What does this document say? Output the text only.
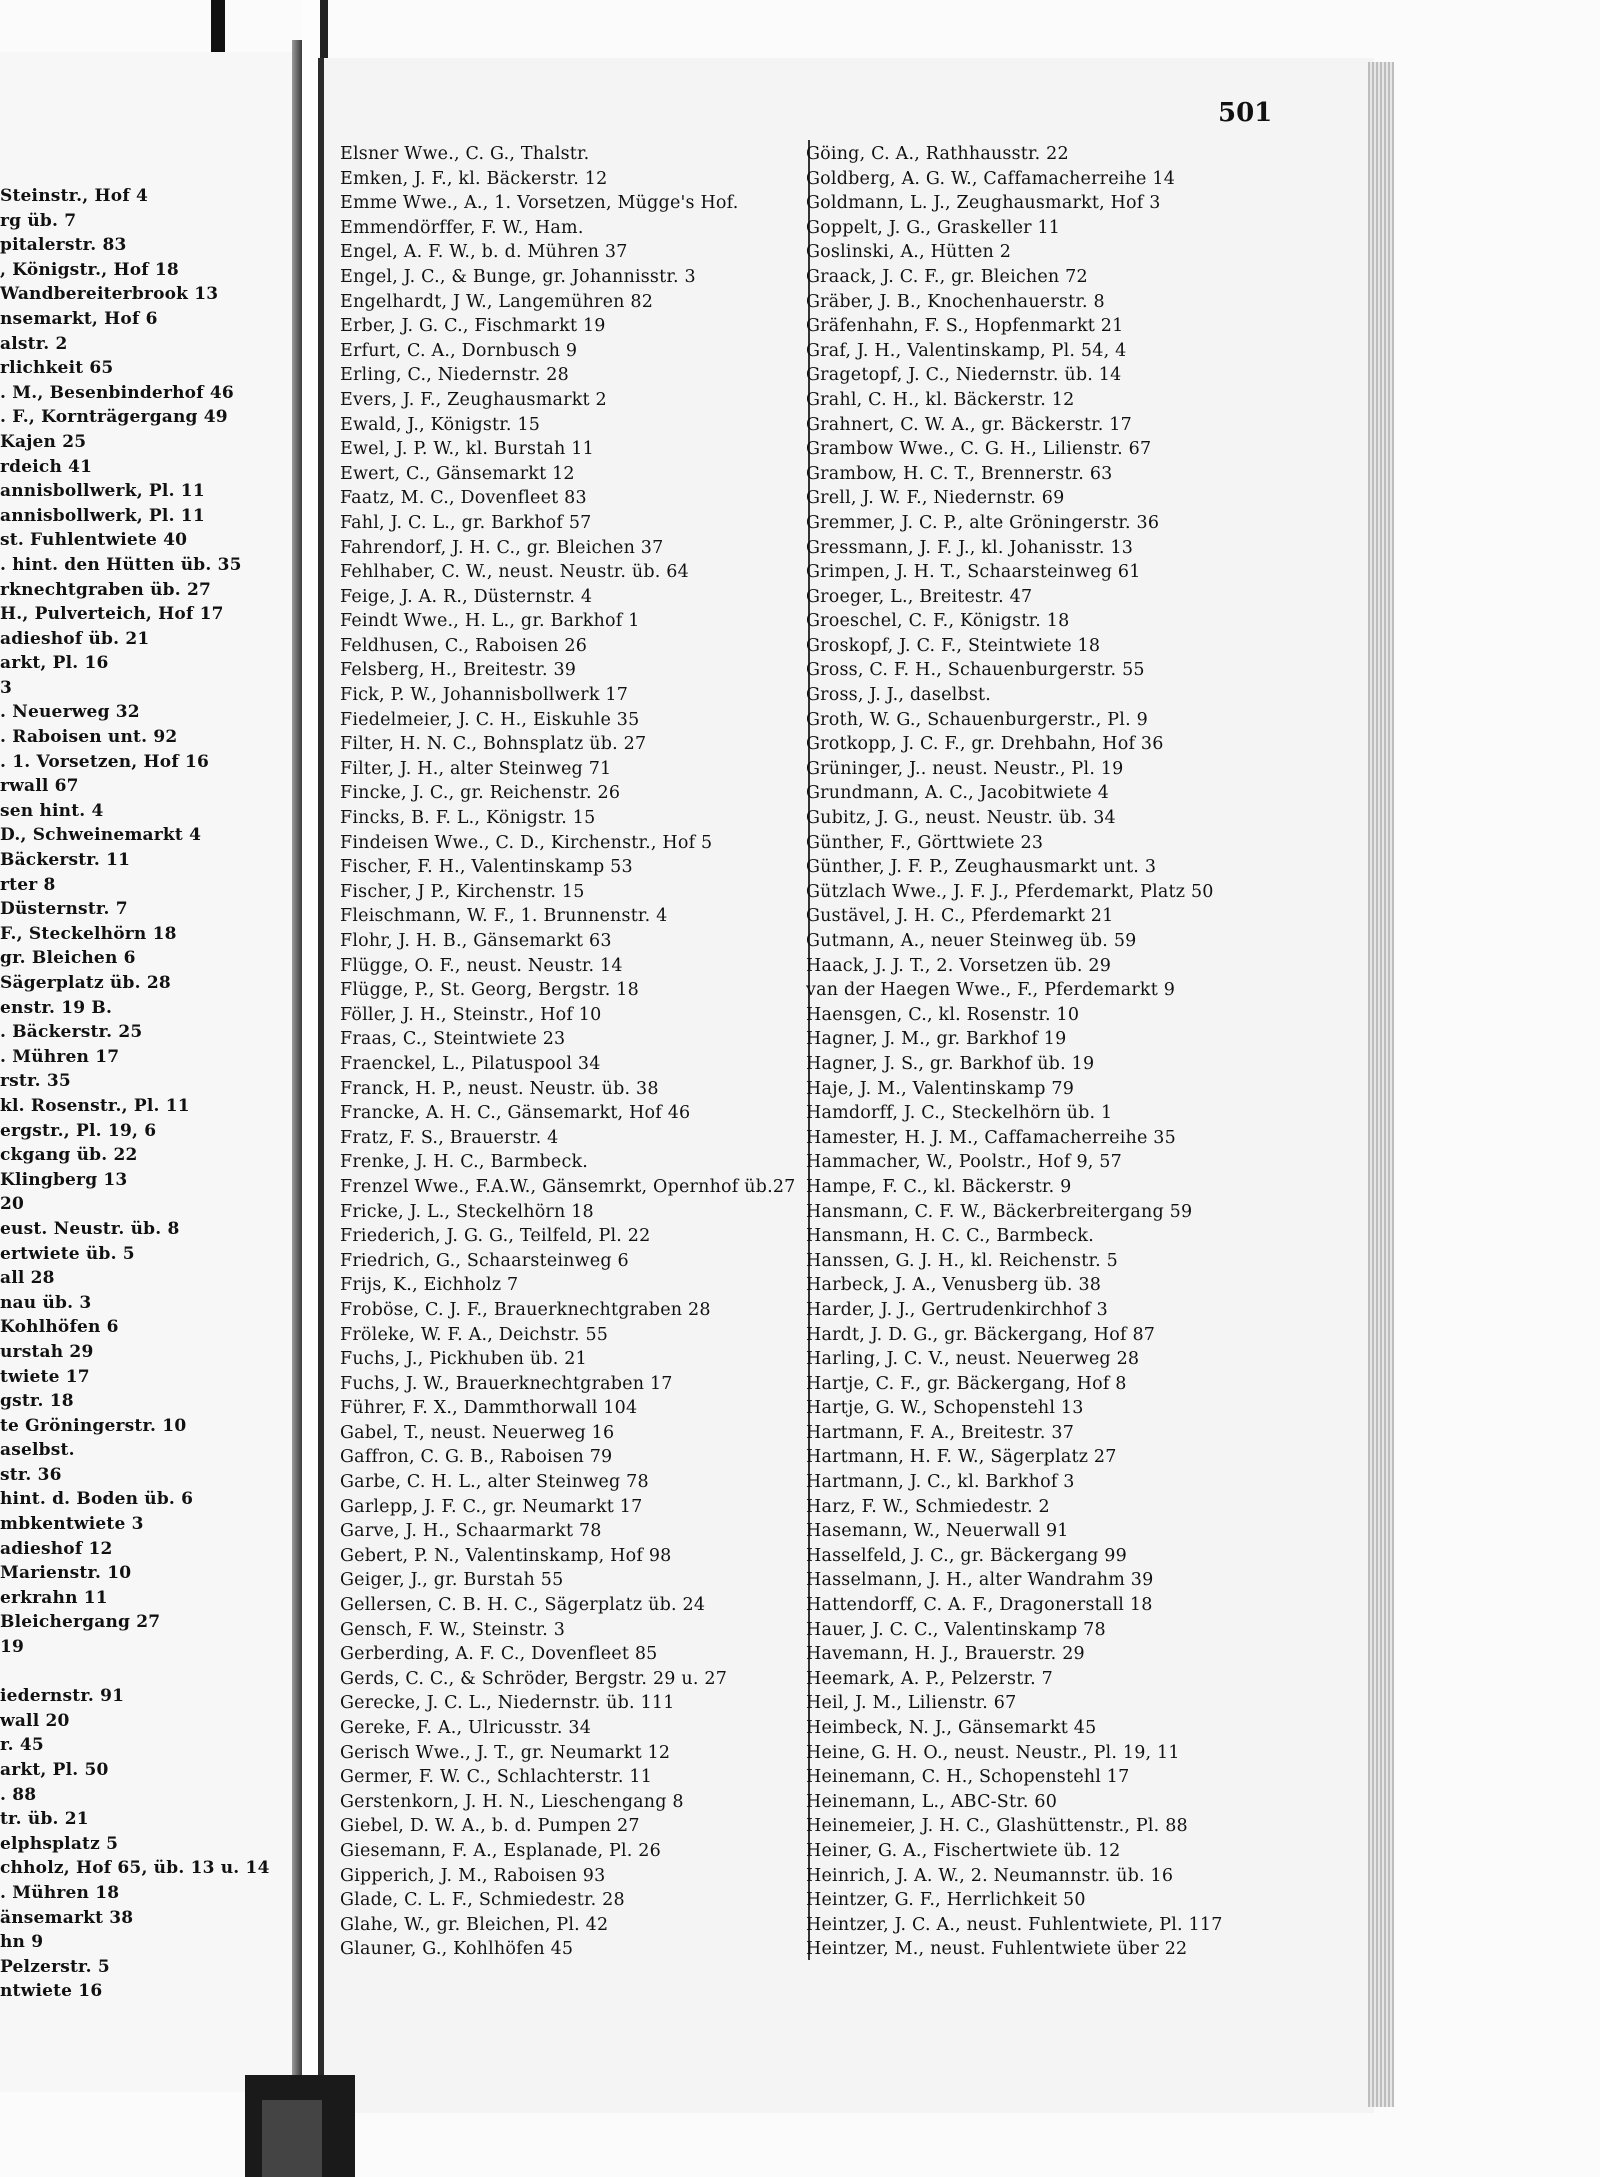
Steinstr., Hof 4
rg üb. 7
pitalerstr. 83
, Königstr., Hof 18
Wandbereiterbrook 13
nsemarkt, Hof 6
alstr. 2
rlichkeit 65
. M., Besenbinderhof 46
. F., Kornträgergang 49
Kajen 25
rdeich 41
annisbollwerk, Pl. 11
annisbollwerk, Pl. 11
st. Fuhlentwiete 40
. hint. den Hütten üb. 35
rknechtgraben üb. 27
H., Pulverteich, Hof 17
adieshof üb. 21
arkt, Pl. 16
3
. Neuerweg 32
. Raboisen unt. 92
. 1. Vorsetzen, Hof 16
rwall 67
sen hint. 4
D., Schweinemarkt 4
Bäckerstr. 11
rter 8
Düsternstr. 7
F., Steckelhörn 18
gr. Bleichen 6
Sägerplatz üb. 28
enstr. 19 B.
. Bäckerstr. 25
. Mühren 17
rstr. 35
kl. Rosenstr., Pl. 11
ergstr., Pl. 19, 6
ckgang üb. 22
Klingberg 13
20
eust. Neustr. üb. 8
ertwiete üb. 5
all 28
nau üb. 3
Kohlhöfen 6
urstah 29
twiete 17
gstr. 18
te Gröningerstr. 10
aselbst.
str. 36
hint. d. Boden üb. 6
mbkentwiete 3
adieshof 12
Marienstr. 10
erkrahn 11
Bleichergang 27
19
iedernstr. 91
wall 20
r. 45
arkt, Pl. 50
. 88
tr. üb. 21
elphsplatz 5
chholz, Hof 65, üb. 13 u. 14
. Mühren 18
änsemarkt 38
hn 9
Pelzerstr. 5
ntwiete 16
501
Elsner Wwe., C. G., Thalstr.
Emken, J. F., kl. Bäckerstr. 12
Emme Wwe., A., 1. Vorsetzen, Mügge's Hof.
Emmendörffer, F. W., Ham.
Engel, A. F. W., b. d. Mühren 37
Engel, J. C., & Bunge, gr. Johannisstr. 3
Engelhardt, J W., Langemühren 82
Erber, J. G. C., Fischmarkt 19
Erfurt, C. A., Dornbusch 9
Erling, C., Niedernstr. 28
Evers, J. F., Zeughausmarkt 2
Ewald, J., Königstr. 15
Ewel, J. P. W., kl. Burstah 11
Ewert, C., Gänsemarkt 12
Faatz, M. C., Dovenfleet 83
Fahl, J. C. L., gr. Barkhof 57
Fahrendorf, J. H. C., gr. Bleichen 37
Fehlhaber, C. W., neust. Neustr. üb. 64
Feige, J. A. R., Düsternstr. 4
Feindt Wwe., H. L., gr. Barkhof 1
Feldhusen, C., Raboisen 26
Felsberg, H., Breitestr. 39
Fick, P. W., Johannisbollwerk 17
Fiedelmeier, J. C. H., Eiskuhle 35
Filter, H. N. C., Bohnsplatz üb. 27
Filter, J. H., alter Steinweg 71
Fincke, J. C., gr. Reichenstr. 26
Fincks, B. F. L., Königstr. 15
Findeisen Wwe., C. D., Kirchenstr., Hof 5
Fischer, F. H., Valentinskamp 53
Fischer, J P., Kirchenstr. 15
Fleischmann, W. F., 1. Brunnenstr. 4
Flohr, J. H. B., Gänsemarkt 63
Flügge, O. F., neust. Neustr. 14
Flügge, P., St. Georg, Bergstr. 18
Föller, J. H., Steinstr., Hof 10
Fraas, C., Steintwiete 23
Fraenckel, L., Pilatuspool 34
Franck, H. P., neust. Neustr. üb. 38
Francke, A. H. C., Gänsemarkt, Hof 46
Fratz, F. S., Brauerstr. 4
Frenke, J. H. C., Barmbeck.
Frenzel Wwe., F.A.W., Gänsemrkt, Opernhof üb.27
Fricke, J. L., Steckelhörn 18
Friederich, J. G. G., Teilfeld, Pl. 22
Friedrich, G., Schaarsteinweg 6
Frijs, K., Eichholz 7
Froböse, C. J. F., Brauerknechtgraben 28
Fröleke, W. F. A., Deichstr. 55
Fuchs, J., Pickhuben üb. 21
Fuchs, J. W., Brauerknechtgraben 17
Führer, F. X., Dammthorwall 104
Gabel, T., neust. Neuerweg 16
Gaffron, C. G. B., Raboisen 79
Garbe, C. H. L., alter Steinweg 78
Garlepp, J. F. C., gr. Neumarkt 17
Garve, J. H., Schaarmarkt 78
Gebert, P. N., Valentinskamp, Hof 98
Geiger, J., gr. Burstah 55
Gellersen, C. B. H. C., Sägerplatz üb. 24
Gensch, F. W., Steinstr. 3
Gerberding, A. F. C., Dovenfleet 85
Gerds, C. C., & Schröder, Bergstr. 29 u. 27
Gerecke, J. C. L., Niedernstr. üb. 111
Gereke, F. A., Ulricusstr. 34
Gerisch Wwe., J. T., gr. Neumarkt 12
Germer, F. W. C., Schlachterstr. 11
Gerstenkorn, J. H. N., Lieschengang 8
Giebel, D. W. A., b. d. Pumpen 27
Giesemann, F. A., Esplanade, Pl. 26
Gipperich, J. M., Raboisen 93
Glade, C. L. F., Schmiedestr. 28
Glahe, W., gr. Bleichen, Pl. 42
Glauner, G., Kohlhöfen 45
Göing, C. A., Rathhausstr. 22
Goldberg, A. G. W., Caffamacherreihe 14
Goldmann, L. J., Zeughausmarkt, Hof 3
Goppelt, J. G., Graskeller 11
Goslinski, A., Hütten 2
Graack, J. C. F., gr. Bleichen 72
Gräber, J. B., Knochenhauerstr. 8
Gräfenhahn, F. S., Hopfenmarkt 21
Graf, J. H., Valentinskamp, Pl. 54, 4
Gragetopf, J. C., Niedernstr. üb. 14
Grahl, C. H., kl. Bäckerstr. 12
Grahnert, C. W. A., gr. Bäckerstr. 17
Grambow Wwe., C. G. H., Lilienstr. 67
Grambow, H. C. T., Brennerstr. 63
Grell, J. W. F., Niedernstr. 69
Gremmer, J. C. P., alte Gröningerstr. 36
Gressmann, J. F. J., kl. Johanisstr. 13
Grimpen, J. H. T., Schaarsteinweg 61
Groeger, L., Breitestr. 47
Groeschel, C. F., Königstr. 18
Groskopf, J. C. F., Steintwiete 18
Gross, C. F. H., Schauenburgerstr. 55
Gross, J. J., daselbst.
Groth, W. G., Schauenburgerstr., Pl. 9
Grotkopp, J. C. F., gr. Drehbahn, Hof 36
Grüninger, J.. neust. Neustr., Pl. 19
Grundmann, A. C., Jacobitwiete 4
Gubitz, J. G., neust. Neustr. üb. 34
Günther, F., Görttwiete 23
Günther, J. F. P., Zeughausmarkt unt. 3
Gützlach Wwe., J. F. J., Pferdemarkt, Platz 50
Gustävel, J. H. C., Pferdemarkt 21
Gutmann, A., neuer Steinweg üb. 59
Haack, J. J. T., 2. Vorsetzen üb. 29
van der Haegen Wwe., F., Pferdemarkt 9
Haensgen, C., kl. Rosenstr. 10
Hagner, J. M., gr. Barkhof 19
Hagner, J. S., gr. Barkhof üb. 19
Haje, J. M., Valentinskamp 79
Hamdorff, J. C., Steckelhörn üb. 1
Hamester, H. J. M., Caffamacherreihe 35
Hammacher, W., Poolstr., Hof 9, 57
Hampe, F. C., kl. Bäckerstr. 9
Hansmann, C. F. W., Bäckerbreitergang 59
Hansmann, H. C. C., Barmbeck.
Hanssen, G. J. H., kl. Reichenstr. 5
Harbeck, J. A., Venusberg üb. 38
Harder, J. J., Gertrudenkirchhof 3
Hardt, J. D. G., gr. Bäckergang, Hof 87
Harling, J. C. V., neust. Neuerweg 28
Hartje, C. F., gr. Bäckergang, Hof 8
Hartje, G. W., Schopenstehl 13
Hartmann, F. A., Breitestr. 37
Hartmann, H. F. W., Sägerplatz 27
Hartmann, J. C., kl. Barkhof 3
Harz, F. W., Schmiedestr. 2
Hasemann, W., Neuerwall 91
Hasselfeld, J. C., gr. Bäckergang 99
Hasselmann, J. H., alter Wandrahm 39
Hattendorff, C. A. F., Dragonerstall 18
Hauer, J. C. C., Valentinskamp 78
Havemann, H. J., Brauerstr. 29
Heemark, A. P., Pelzerstr. 7
Heil, J. M., Lilienstr. 67
Heimbeck, N. J., Gänsemarkt 45
Heine, G. H. O., neust. Neustr., Pl. 19, 11
Heinemann, C. H., Schopenstehl 17
Heinemann, L., ABC-Str. 60
Heinemeier, J. H. C., Glashüttenstr., Pl. 88
Heiner, G. A., Fischertwiete üb. 12
Heinrich, J. A. W., 2. Neumannstr. üb. 16
Heintzer, G. F., Herrlichkeit 50
Heintzer, J. C. A., neust. Fuhlentwiete, Pl. 117
Heintzer, M., neust. Fuhlentwiete über 22
